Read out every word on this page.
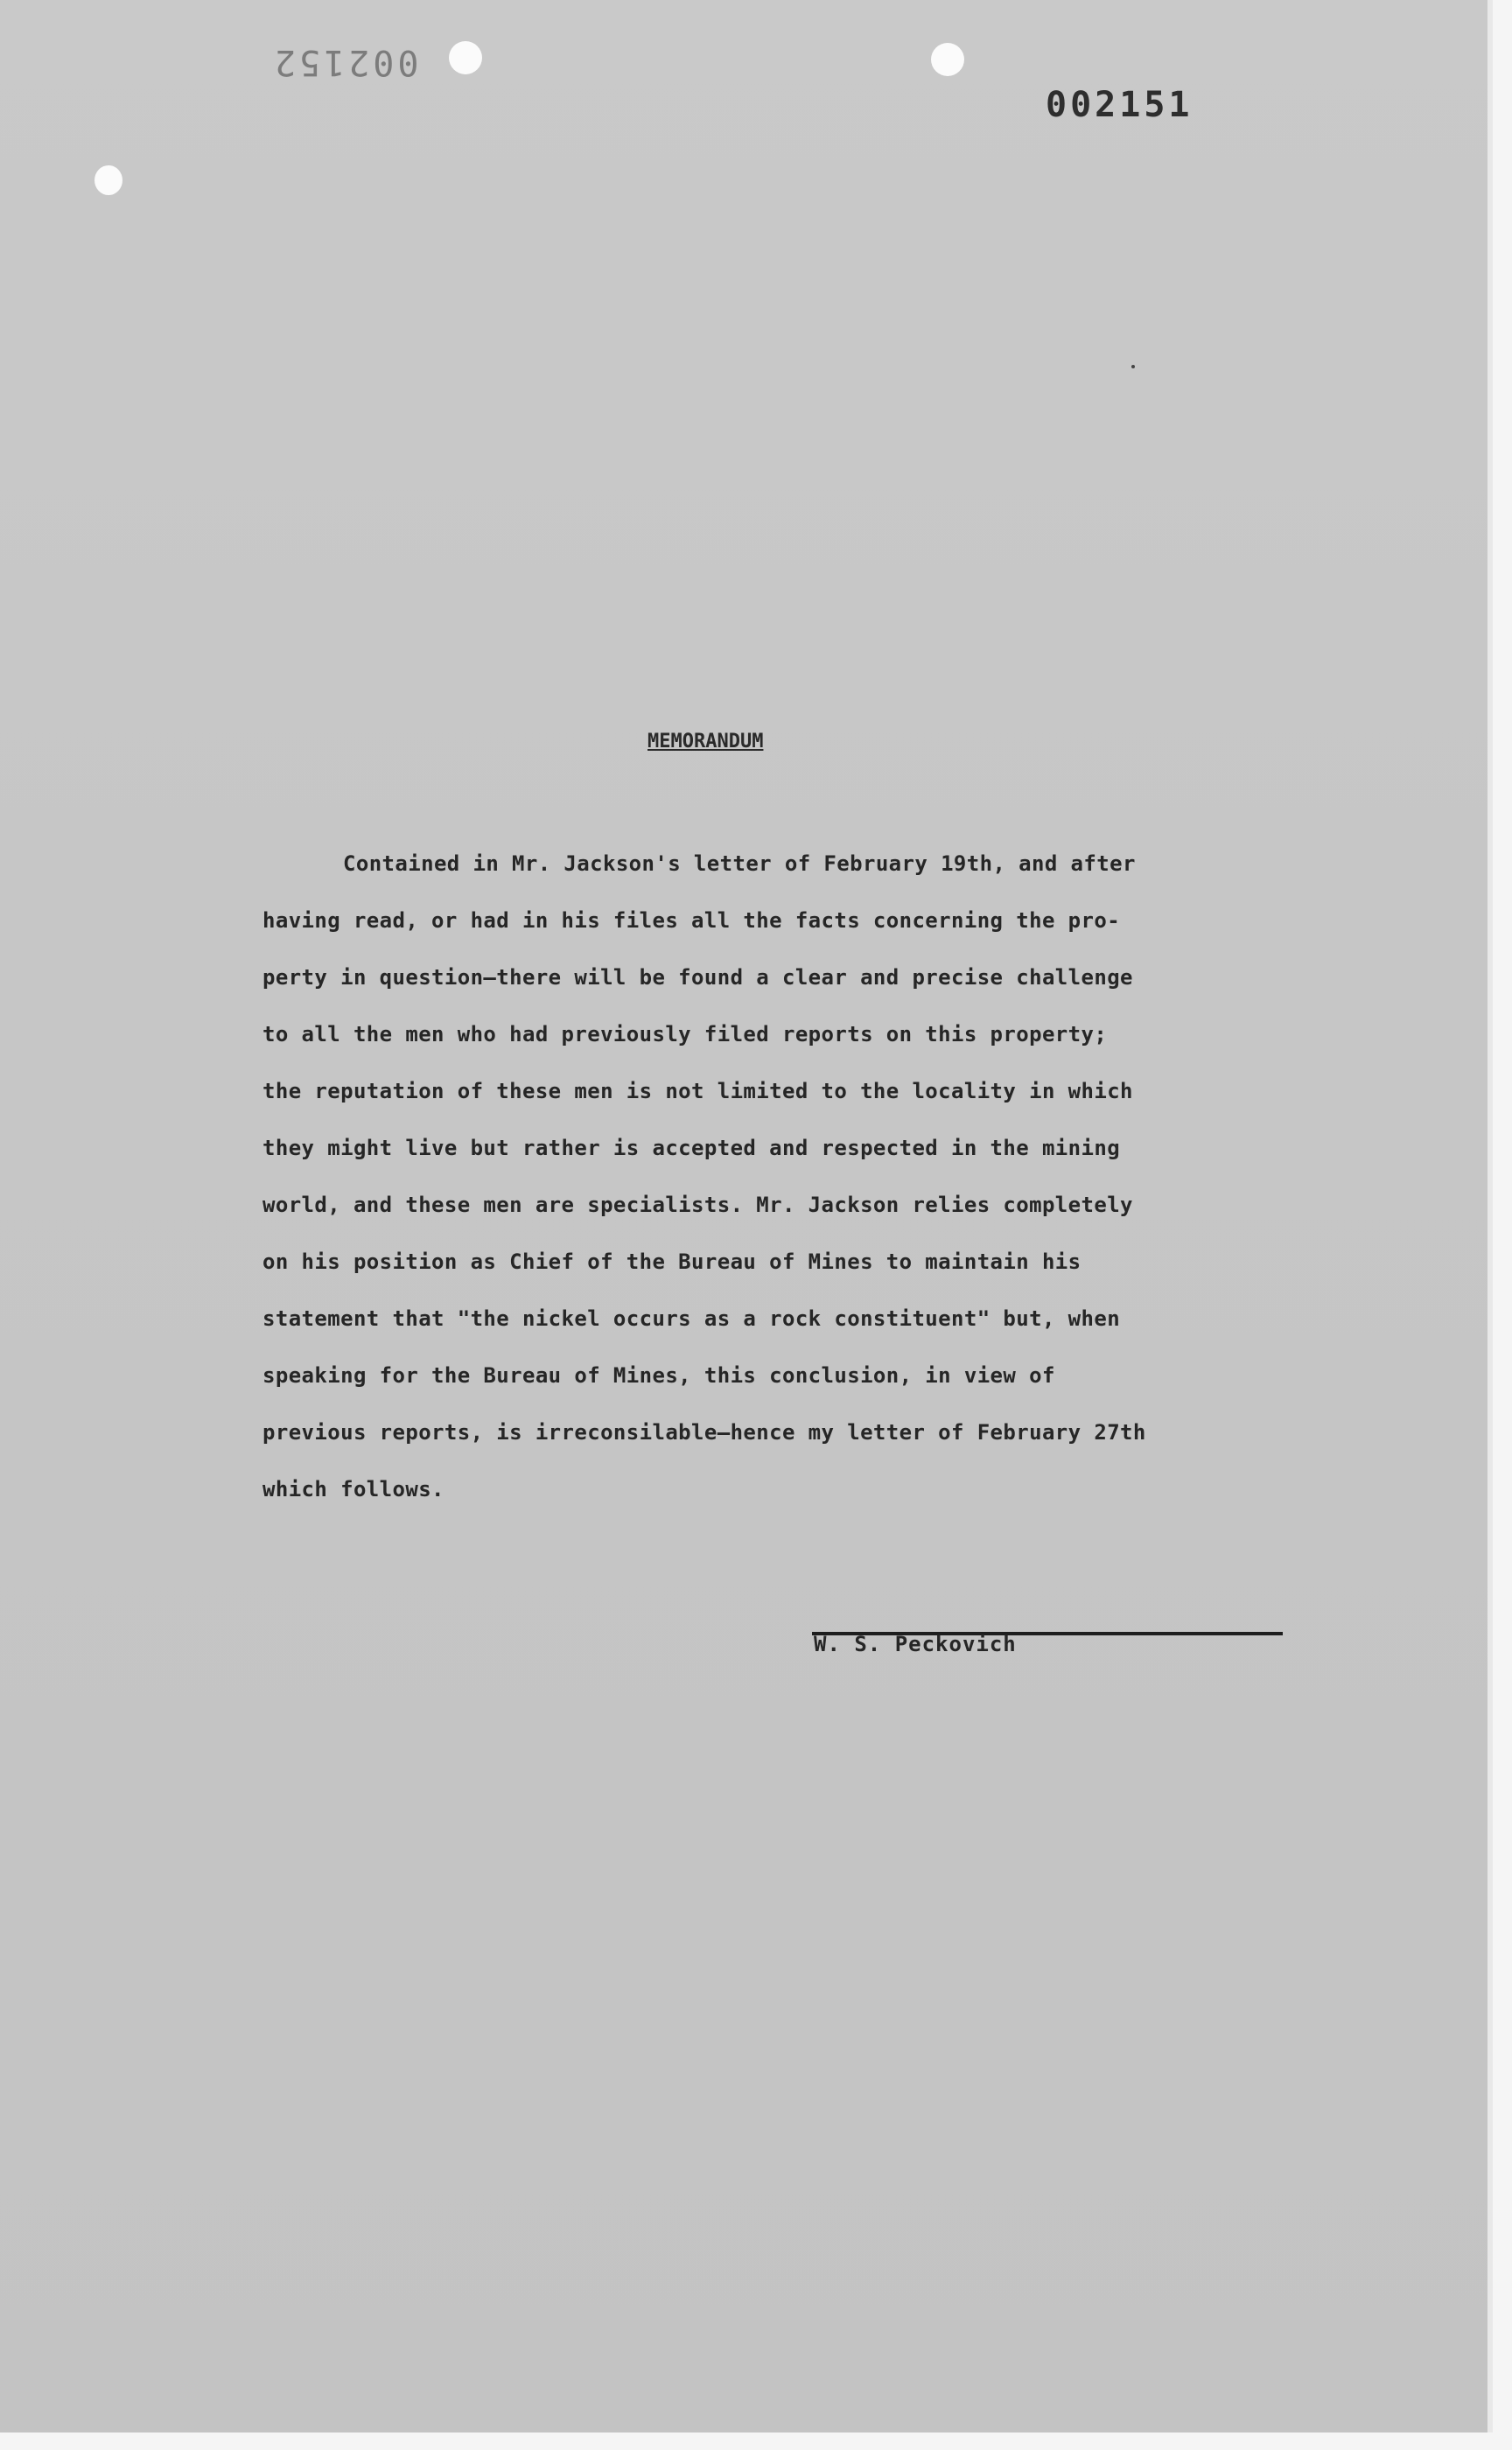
002152
002151
MEMORANDUM
Contained in Mr. Jackson's letter of February 19th, and after
having read, or had in his files all the facts concerning the pro-
perty in question—there will be found a clear and precise challenge
to all the men who had previously filed reports on this property;
the reputation of these men is not limited to the locality in which
they might live but rather is accepted and respected in the mining
world, and these men are specialists. Mr. Jackson relies completely
on his position as Chief of the Bureau of Mines to maintain his
statement that "the nickel occurs as a rock constituent" but, when
speaking for the Bureau of Mines, this conclusion, in view of
previous reports, is irreconsilable—hence my letter of February 27th
which follows.
W. S. Peckovich
